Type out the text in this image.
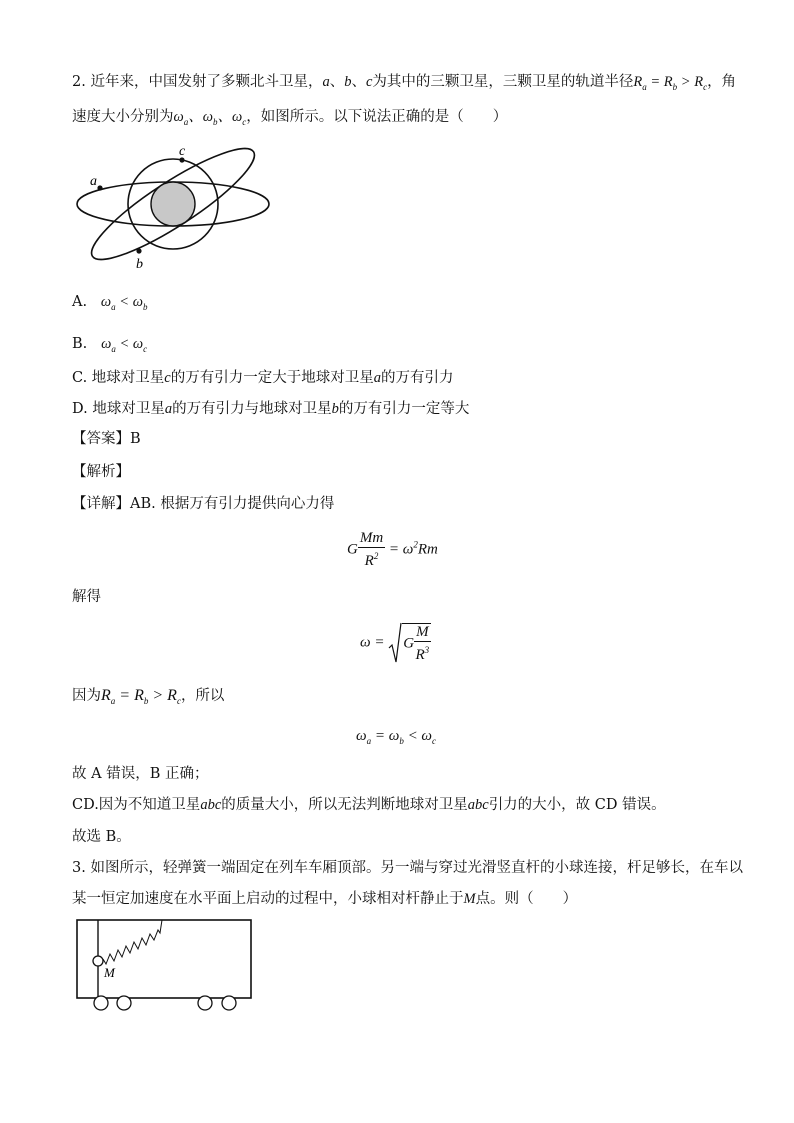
2. 近年来，中国发射了多颗北斗卫星，a、b、c为其中的三颗卫星，三颗卫星的轨道半径$R_a = R_b > R_c$，角
速度大小分别为$\omega_a$、$\omega_b$、$\omega_c$，如图所示。以下说法正确的是（　　）
a
b
c
A. $\omega_a < \omega_b$
B. $\omega_a < \omega_c$
C. 地球对卫星c的万有引力一定大于地球对卫星a的万有引力
D. 地球对卫星a的万有引力与地球对卫星b的万有引力一定等大
【答案】B
【解析】
【详解】AB. 根据万有引力提供向心力得
G $\frac{Mm}{R^2} = \omega^2Rm$
解得
ω = G $\frac{M}{R^3}$
因为$R_a = R_b > R_c$，所以
$\omega_a = \omega_b < \omega_c$
故 A 错误，B 正确；
CD.因为不知道卫星abc的质量大小，所以无法判断地球对卫星abc引力的大小，故 CD 错误。
故选 B。
3. 如图所示，轻弹簧一端固定在列车车厢顶部。另一端与穿过光滑竖直杆的小球连接，杆足够长，在车以
某一恒定加速度在水平面上启动的过程中，小球相对杆静止于M点。则（　　）
M
